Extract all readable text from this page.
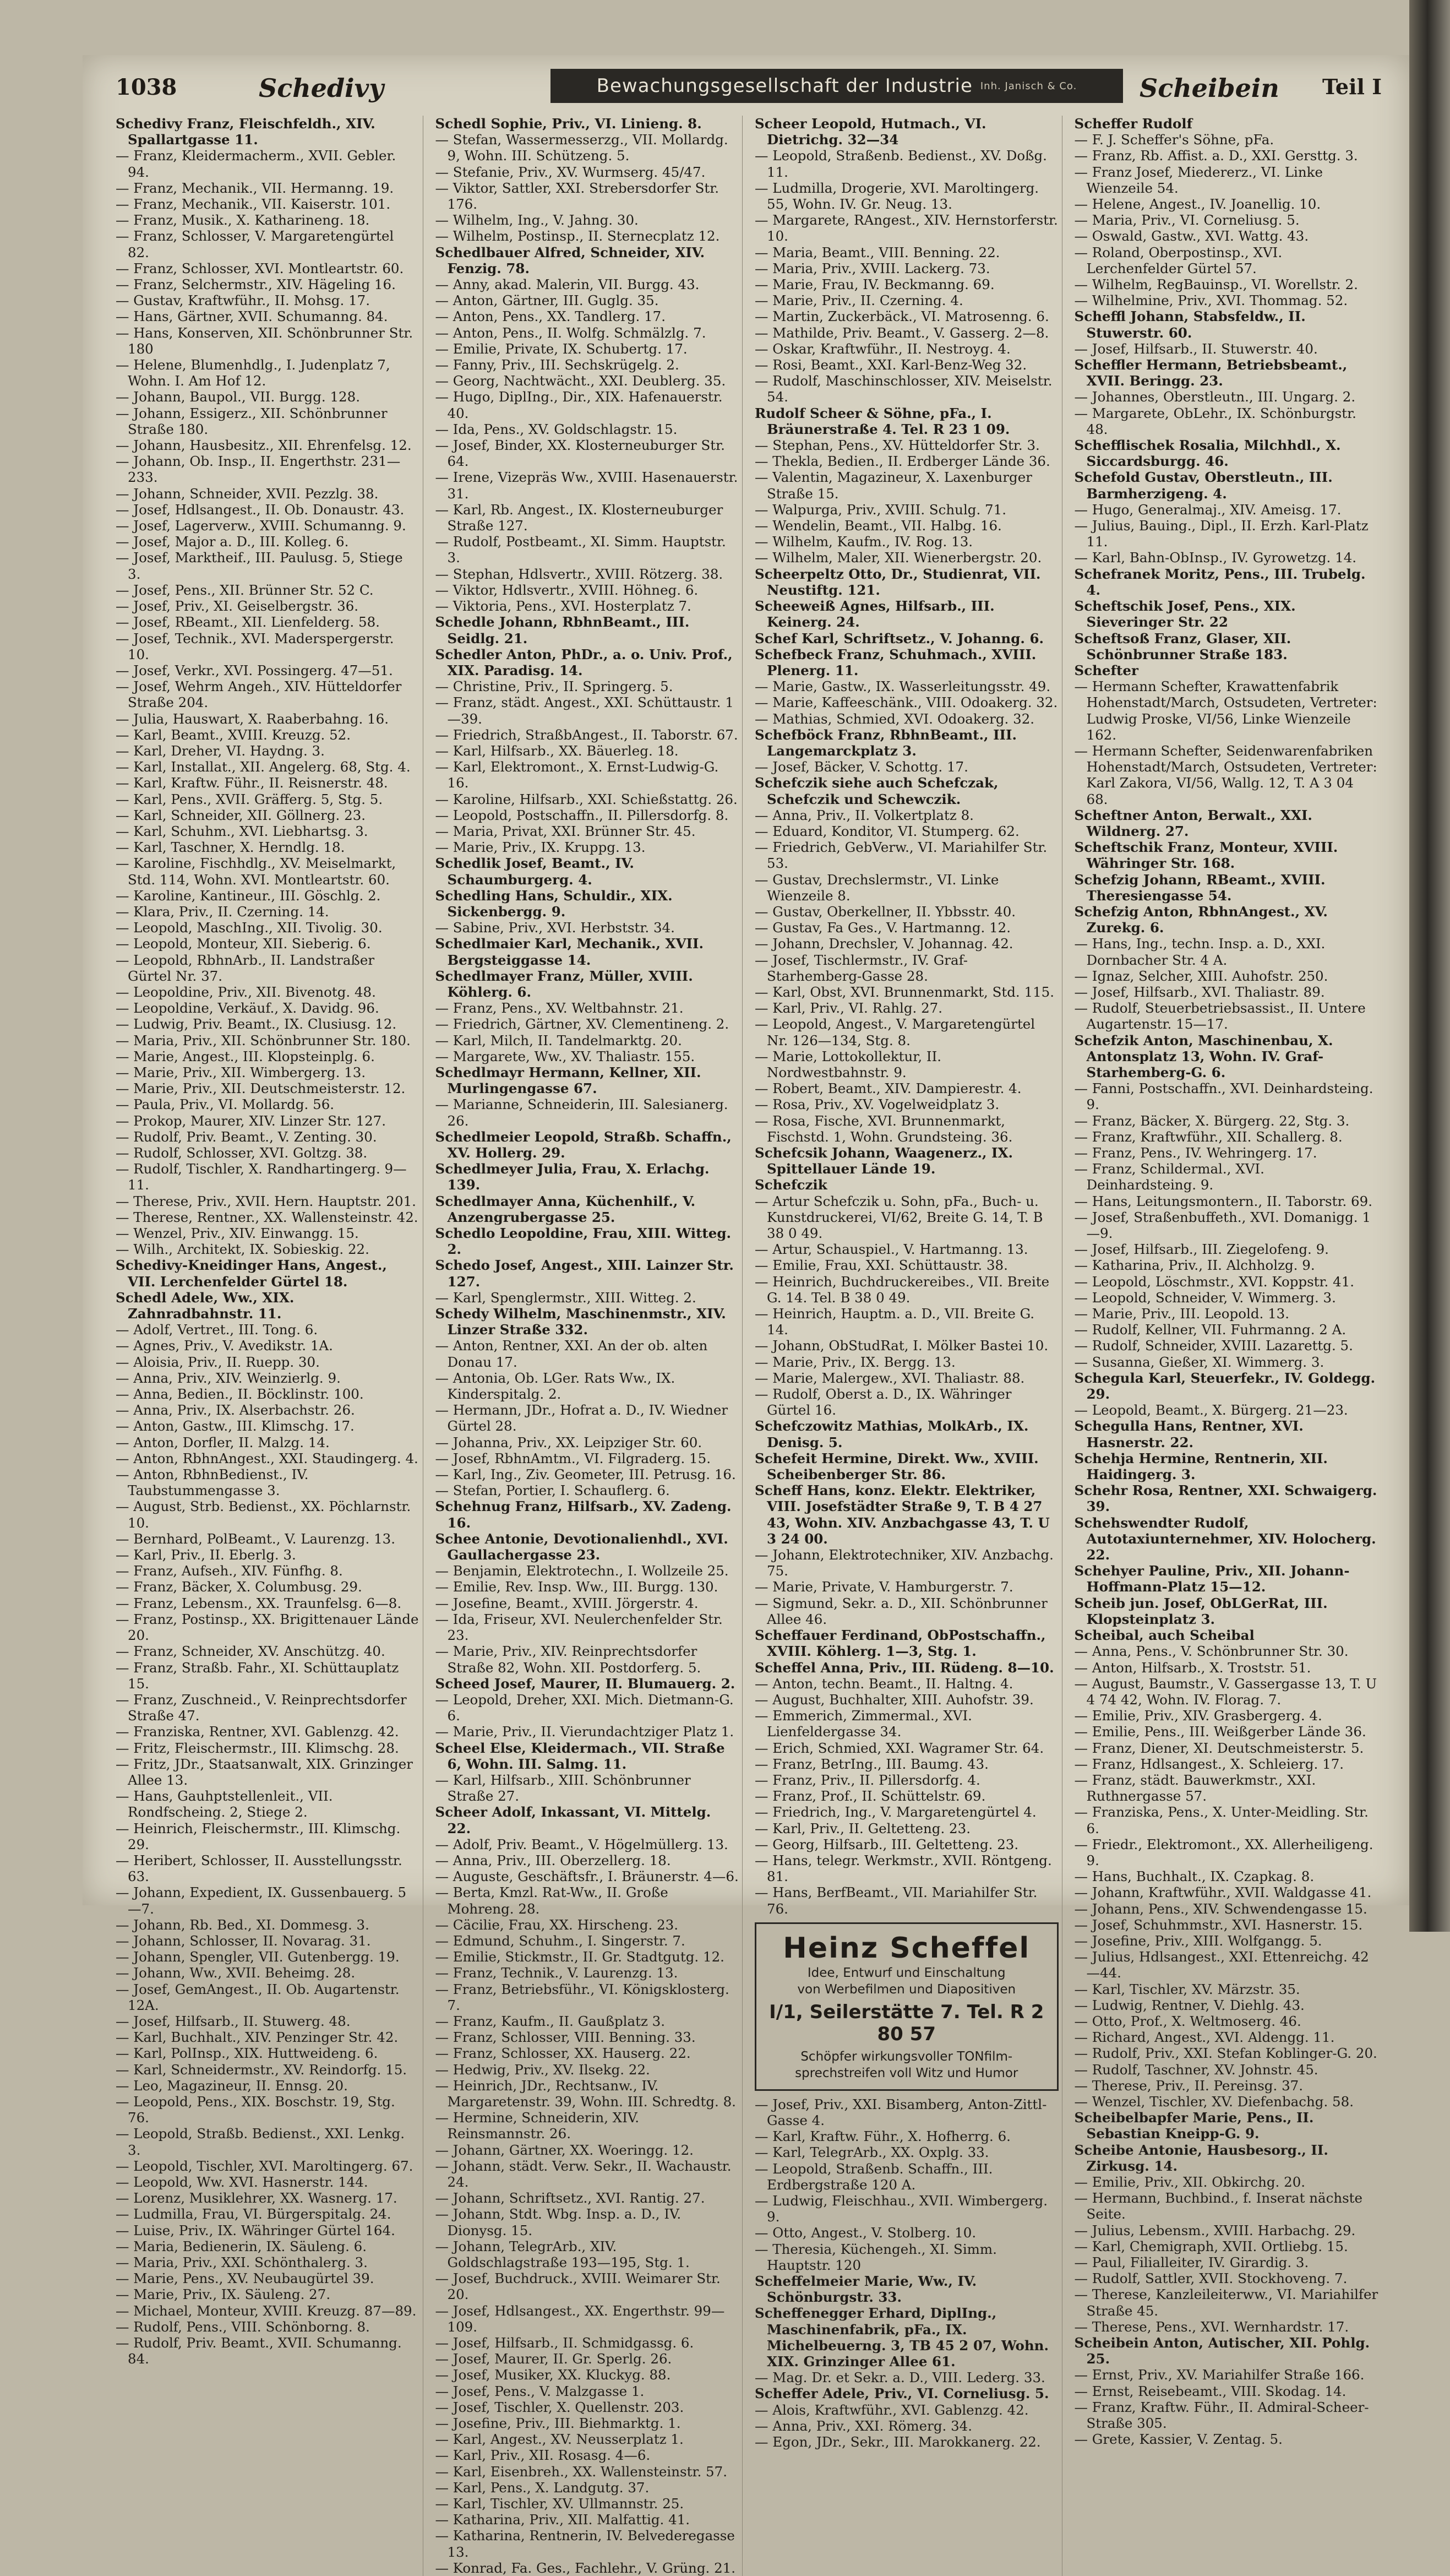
1038	Schedivy	Bewachungsgesellschaft der Industrie Inh. Janisch & Co. Scheibein Teil I

Schedivy Franz, Fleischfeldh., XIV. Spallartgasse 11.

— Franz, Kleidermacherm., XVII. Gebler. 94.

— Franz, Mechanik., VII. Hermanng. 19.

— Franz, Mechanik., VII. Kaiserstr. 101.

— Franz, Musik., X. Katharineng. 18.

— Franz, Schlosser, V. Margaretengürtel 82.

— Franz, Schlosser, XVI. Montleartstr. 60.

— Franz, Selchermstr., XIV. Hägeling 16.

— Gustav, Kraftwführ., II. Mohsg. 17.

— Hans, Gärtner, XVII. Schumanng. 84.

— Hans, Konserven, XII. Schönbrunner Str. 180

— Helene, Blumenhdlg., I. Judenplatz 7, Wohn. I. Am Hof 12.

— Johann, Baupol., VII. Burgg. 128.

— Johann, Essigerz., XII. Schönbrunner Straße 180.

— Johann, Hausbesitz., XII. Ehrenfelsg. 12.

— Johann, Ob. Insp., II. Engerthstr. 231—233.

— Johann, Schneider, XVII. Pezzlg. 38.

— Josef, Hdlsangest., II. Ob. Donaustr. 43.

— Josef, Lagerverw., XVIII. Schumanng. 9.

— Josef, Major a. D., III. Kolleg. 6.

— Josef, Marktheif., III. Paulusg. 5, Stiege 3.

— Josef, Pens., XII. Brünner Str. 52 C.

— Josef, Priv., XI. Geiselbergstr. 36.

— Josef, RBeamt., XII. Lienfelderg. 58.

— Josef, Technik., XVI. Maderspergerstr. 10.

— Josef, Verkr., XVI. Possingerg. 47—51.

— Josef, Wehrm Angeh., XIV. Hütteldorfer Straße 204.

— Julia, Hauswart, X. Raaberbahng. 16.

— Karl, Beamt., XVIII. Kreuzg. 52.

— Karl, Dreher, VI. Haydng. 3.

— Karl, Installat., XII. Angelerg. 68, Stg. 4.

— Karl, Kraftw. Führ., II. Reisnerstr. 48.

— Karl, Pens., XVII. Gräfferg. 5, Stg. 5.

— Karl, Schneider, XII. Göllnerg. 23.

— Karl, Schuhm., XVI. Liebhartsg. 3.

— Karl, Taschner, X. Herndlg. 18.

— Karoline, Fischhdlg., XV. Meiselmarkt, Std. 114, Wohn. XVI. Montleartstr. 60.

— Karoline, Kantineur., III. Göschlg. 2.

— Klara, Priv., II. Czerning. 14.

— Leopold, MaschIng., XII. Tivolig. 30.

— Leopold, Monteur, XII. Sieberig. 6.

— Leopold, RbhnArb., II. Landstraßer Gürtel Nr. 37.

— Leopoldine, Priv., XII. Bivenotg. 48.

— Leopoldine, Verkäuf., X. Davidg. 96.

— Ludwig, Priv. Beamt., IX. Clusiusg. 12.

— Maria, Priv., XII. Schönbrunner Str. 180.

— Marie, Angest., III. Klopsteinplg. 6.

— Marie, Priv., XII. Wimbergerg. 13.

— Marie, Priv., XII. Deutschmeisterstr. 12.

— Paula, Priv., VI. Mollardg. 56.

— Prokop, Maurer, XIV. Linzer Str. 127.

— Rudolf, Priv. Beamt., V. Zenting. 30.

— Rudolf, Schlosser, XVI. Goltzg. 38.

— Rudolf, Tischler, X. Randhartingerg. 9—11.

— Therese, Priv., XVII. Hern. Hauptstr. 201.

— Therese, Rentner., XX. Wallensteinstr. 42.

— Wenzel, Priv., XIV. Einwangg. 15.

— Wilh., Architekt, IX. Sobieskig. 22.

Schedivy-Kneidinger Hans, Angest., VII. Lerchenfelder Gürtel 18.

Schedl Adele, Ww., XIX. Zahnradbahnstr. 11.

— Adolf, Vertret., III. Tong. 6.

— Agnes, Priv., V. Avedikstr. 1A.

— Aloisia, Priv., II. Ruepp. 30.

— Anna, Priv., XIV. Weinzierlg. 9.

— Anna, Bedien., II. Böcklinstr. 100.

— Anna, Priv., IX. Alserbachstr. 26.

— Anton, Gastw., III. Klimschg. 17.

— Anton, Dorfler, II. Malzg. 14.

— Anton, RbhnAngest., XXI. Staudingerg. 4.

— Anton, RbhnBedienst., IV. Taubstummengasse 3.

— August, Strb. Bedienst., XX. Pöchlarnstr. 10.

— Bernhard, PolBeamt., V. Laurenzg. 13.

— Karl, Priv., II. Eberlg. 3.

— Franz, Aufseh., XIV. Fünfhg. 8.

— Franz, Bäcker, X. Columbusg. 29.

— Franz, Lebensm., XX. Traunfelsg. 6—8.

— Franz, Postinsp., XX. Brigittenauer Lände 20.

— Franz, Schneider, XV. Anschützg. 40.

— Franz, Straßb. Fahr., XI. Schüttauplatz 15.

— Franz, Zuschneid., V. Reinprechtsdorfer Straße 47.

— Franziska, Rentner, XVI. Gablenzg. 42.

— Fritz, Fleischermstr., III. Klimschg. 28.

— Fritz, JDr., Staatsanwalt, XIX. Grinzinger Allee 13.

— Hans, Gauhptstellenleit., VII. Rondfscheing. 2, Stiege 2.

— Heinrich, Fleischermstr., III. Klimschg. 29.

— Heribert, Schlosser, II. Ausstellungsstr. 63.

— Johann, Expedient, IX. Gussenbauerg. 5—7.

— Johann, Rb. Bed., XI. Dommesg. 3.

— Johann, Schlosser, II. Novarag. 31.

— Johann, Spengler, VII. Gutenbergg. 19.

— Johann, Ww., XVII. Beheimg. 28.

— Josef, GemAngest., II. Ob. Augartenstr. 12A.

— Josef, Hilfsarb., II. Stuwerg. 48.

— Karl, Buchhalt., XIV. Penzinger Str. 42.

— Karl, PolInsp., XIX. Huttweideng. 6.

— Karl, Schneidermstr., XV. Reindorfg. 15.

— Leo, Magazineur, II. Ennsg. 20.

— Leopold, Pens., XIX. Boschstr. 19, Stg. 76.

— Leopold, Straßb. Bedienst., XXI. Lenkg. 3.

— Leopold, Tischler, XVI. Maroltingerg. 67.

— Leopold, Ww. XVI. Hasnerstr. 144.

— Lorenz, Musiklehrer, XX. Wasnerg. 17.

— Ludmilla, Frau, VI. Bürgerspitalg. 24.

— Luise, Priv., IX. Währinger Gürtel 164.

— Maria, Bedienerin, IX. Säuleng. 6.

— Maria, Priv., XXI. Schönthalerg. 3.

— Marie, Pens., XV. Neubaugürtel 39.

— Marie, Priv., IX. Säuleng. 27.

— Michael, Monteur, XVIII. Kreuzg. 87—89.

— Rudolf, Pens., VIII. Schönborng. 8.

— Rudolf, Priv. Beamt., XVII. Schumanng. 84.

Schedl Sophie, Priv., VI. Linieng. 8.

— Stefan, Wassermesserzg., VII. Mollardg. 9, Wohn. III. Schützeng. 5.

— Stefanie, Priv., XV. Wurmserg. 45/47.

— Viktor, Sattler, XXI. Strebersdorfer Str. 176.

— Wilhelm, Ing., V. Jahng. 30.

— Wilhelm, Postinsp., II. Sternecplatz 12.

Schedlbauer Alfred, Schneider, XIV. Fenzig. 78.

— Anny, akad. Malerin, VII. Burgg. 43.

— Anton, Gärtner, III. Guglg. 35.

— Anton, Pens., XX. Tandlerg. 17.

— Anton, Pens., II. Wolfg. Schmälzlg. 7.

— Emilie, Private, IX. Schubertg. 17.

— Fanny, Priv., III. Sechskrügelg. 2.

— Georg, Nachtwächt., XXI. Deublerg. 35.

— Hugo, DiplIng., Dir., XIX. Hafenauerstr. 40.

— Ida, Pens., XV. Goldschlagstr. 15.

— Josef, Binder, XX. Klosterneuburger Str. 64.

— Irene, Vizepräs Ww., XVIII. Hasenauerstr. 31.

— Karl, Rb. Angest., IX. Klosterneuburger Straße 127.

— Rudolf, Postbeamt., XI. Simm. Hauptstr. 3.

— Stephan, Hdlsvertr., XVIII. Rötzerg. 38.

— Viktor, Hdlsvertr., XVIII. Höhneg. 6.

— Viktoria, Pens., XVI. Hosterplatz 7.

Schedle Johann, RbhnBeamt., III. Seidlg. 21.

Schedler Anton, PhDr., a. o. Univ. Prof., XIX. Paradisg. 14.

— Christine, Priv., II. Springerg. 5.

— Franz, städt. Angest., XXI. Schüttaustr. 1—39.

— Friedrich, StraßbAngest., II. Taborstr. 67.

— Karl, Hilfsarb., XX. Bäuerleg. 18.

— Karl, Elektromont., X. Ernst-Ludwig-G. 16.

— Karoline, Hilfsarb., XXI. Schießstattg. 26.

— Leopold, Postschaffn., II. Pillersdorfg. 8.

— Maria, Privat, XXI. Brünner Str. 45.

— Marie, Priv., IX. Kruppg. 13.

Schedlik Josef, Beamt., IV. Schaumburgerg. 4.

Schedling Hans, Schuldir., XIX. Sickenbergg. 9.

— Sabine, Priv., XVI. Herbststr. 34.

Schedlmaier Karl, Mechanik., XVII. Bergsteiggasse 14.

Schedlmayer Franz, Müller, XVIII. Köhlerg. 6.

— Franz, Pens., XV. Weltbahnstr. 21.

— Friedrich, Gärtner, XV. Clementineng. 2.

— Karl, Milch, II. Tandelmarktg. 20.

— Margarete, Ww., XV. Thaliastr. 155.

Schedlmayr Hermann, Kellner, XII. Murlingengasse 67.

— Marianne, Schneiderin, III. Salesianerg. 26.

Schedlmeier Leopold, Straßb. Schaffn., XV. Hollerg. 29.

Schedlmeyer Julia, Frau, X. Erlachg. 139.

Schedlmayer Anna, Küchenhilf., V. Anzengrubergasse 25.

Schedlo Leopoldine, Frau, XIII. Witteg. 2.

Schedo Josef, Angest., XIII. Lainzer Str. 127.

— Karl, Spenglermstr., XIII. Witteg. 2.

Schedy Wilhelm, Maschinenmstr., XIV. Linzer Straße 332.

— Anton, Rentner, XXI. An der ob. alten Donau 17.

— Antonia, Ob. LGer. Rats Ww., IX. Kinderspitalg. 2.

— Hermann, JDr., Hofrat a. D., IV. Wiedner Gürtel 28.

— Johanna, Priv., XX. Leipziger Str. 60.

— Josef, RbhnAmtm., VI. Filgraderg. 15.

— Karl, Ing., Ziv. Geometer, III. Petrusg. 16.

— Stefan, Portier, I. Schauflerg. 6.

Schehnug Franz, Hilfsarb., XV. Zadeng. 16.

Schee Antonie, Devotionalienhdl., XVI. Gaullachergasse 23.

— Benjamin, Elektrotechn., I. Wollzeile 25.

— Emilie, Rev. Insp. Ww., III. Burgg. 130.

— Josefine, Beamt., XVIII. Jörgerstr. 4.

— Ida, Friseur, XVI. Neulerchenfelder Str. 23.

— Marie, Priv., XIV. Reinprechtsdorfer Straße 82, Wohn. XII. Postdorferg. 5.

Scheed Josef, Maurer, II. Blumauerg. 2.

— Leopold, Dreher, XXI. Mich. Dietmann-G. 6.

— Marie, Priv., II. Vierundachtziger Platz 1.

Scheel Else, Kleidermach., VII. Straße 6, Wohn. III. Salmg. 11.

— Karl, Hilfsarb., XIII. Schönbrunner Straße 27.

Scheer Adolf, Inkassant, VI. Mittelg. 22.

— Adolf, Priv. Beamt., V. Högelmüllerg. 13.

— Anna, Priv., III. Oberzellerg. 18.

— Auguste, Geschäftsfr., I. Bräunerstr. 4—6.

— Berta, Kmzl. Rat-Ww., II. Große Mohreng. 28.

— Cäcilie, Frau, XX. Hirscheng. 23.

— Edmund, Schuhm., I. Singerstr. 7.

— Emilie, Stickmstr., II. Gr. Stadtgutg. 12.

— Franz, Technik., V. Laurenzg. 13.

— Franz, Betriebsführ., VI. Königsklosterg. 7.

— Franz, Kaufm., II. Gaußplatz 3.

— Franz, Schlosser, VIII. Benning. 33.

— Franz, Schlosser, XX. Hauserg. 22.

— Hedwig, Priv., XV. Ilsekg. 22.

— Heinrich, JDr., Rechtsanw., IV. Margaretenstr. 39, Wohn. III. Schredtg. 8.

— Hermine, Schneiderin, XIV. Reinsmannstr. 26.

— Johann, Gärtner, XX. Woeringg. 12.

— Johann, städt. Verw. Sekr., II. Wachaustr. 24.

— Johann, Schriftsetz., XVI. Rantig. 27.

— Johann, Stdt. Wbg. Insp. a. D., IV. Dionysg. 15.

— Johann, TelegrArb., XIV. Goldschlagstraße 193—195, Stg. 1.

— Josef, Buchdruck., XVIII. Weimarer Str. 20.

— Josef, Hdlsangest., XX. Engerthstr. 99—109.

— Josef, Hilfsarb., II. Schmidgassg. 6.

— Josef, Maurer, II. Gr. Sperlg. 26.

— Josef, Musiker, XX. Kluckyg. 88.

— Josef, Pens., V. Malzgasse 1.

— Josef, Tischler, X. Quellenstr. 203.

— Josefine, Priv., III. Biehmarktg. 1.

— Karl, Angest., XV. Neusserplatz 1.

— Karl, Priv., XII. Rosasg. 4—6.

— Karl, Eisenbreh., XX. Wallensteinstr. 57.

— Karl, Pens., X. Landgutg. 37.

— Karl, Tischler, XV. Ullmannstr. 25.

— Katharina, Priv., XII. Malfattig. 41.

— Katharina, Rentnerin, IV. Belvederegasse 13.

— Konrad, Fa. Ges., Fachlehr., V. Grüng. 21.

Scheer Leopold, Hutmach., VI. Dietrichg. 32—34

— Leopold, Straßenb. Bedienst., XV. Doßg. 11.

— Ludmilla, Drogerie, XVI. Maroltingerg. 55, Wohn. IV. Gr. Neug. 13.

— Margarete, RAngest., XIV. Hernstorferstr. 10.

— Maria, Beamt., VIII. Benning. 22.

— Maria, Priv., XVIII. Lackerg. 73.

— Marie, Frau, IV. Beckmanng. 69.

— Marie, Priv., II. Czerning. 4.

— Martin, Zuckerbäck., VI. Matrosenng. 6.

— Mathilde, Priv. Beamt., V. Gasserg. 2—8.

— Oskar, Kraftwführ., II. Nestroyg. 4.

— Rosi, Beamt., XXI. Karl-Benz-Weg 32.

— Rudolf, Maschinschlosser, XIV. Meiselstr. 54.

Rudolf Scheer & Söhne, pFa., I. Bräunerstraße 4. Tel. R 23 1 09.

— Stephan, Pens., XV. Hütteldorfer Str. 3.

— Thekla, Bedien., II. Erdberger Lände 36.

— Valentin, Magazineur, X. Laxenburger Straße 15.

— Walpurga, Priv., XVIII. Schulg. 71.

— Wendelin, Beamt., VII. Halbg. 16.

— Wilhelm, Kaufm., IV. Rog. 13.

— Wilhelm, Maler, XII. Wienerbergstr. 20.

Scheerpeltz Otto, Dr., Studienrat, VII. Neustiftg. 121.

Scheeweiß Agnes, Hilfsarb., III. Keinerg. 24.

Schef Karl, Schriftsetz., V. Johanng. 6.

Schefbeck Franz, Schuhmach., XVIII. Plenerg. 11.

— Marie, Gastw., IX. Wasserleitungsstr. 49.

— Marie, Kaffeeschänk., VIII. Odoakerg. 32.

— Mathias, Schmied, XVI. Odoakerg. 32.

Schefböck Franz, RbhnBeamt., III. Langemarckplatz 3.

— Josef, Bäcker, V. Schottg. 17.

Schefczik siehe auch Schefczak, Schefczik und Schewczik.

— Anna, Priv., II. Volkertplatz 8.

— Eduard, Konditor, VI. Stumperg. 62.

— Friedrich, GebVerw., VI. Mariahilfer Str. 53.

— Gustav, Drechslermstr., VI. Linke Wienzeile 8.

— Gustav, Oberkellner, II. Ybbsstr. 40.

— Gustav, Fa Ges., V. Hartmanng. 12.

— Johann, Drechsler, V. Johannag. 42.

— Josef, Tischlermstr., IV. Graf-Starhemberg-Gasse 28.

— Karl, Obst, XVI. Brunnenmarkt, Std. 115.

— Karl, Priv., VI. Rahlg. 27.

— Leopold, Angest., V. Margaretengürtel Nr. 126—134, Stg. 8.

— Marie, Lottokollektur, II. Nordwestbahnstr. 9.

— Robert, Beamt., XIV. Dampierestr. 4.

— Rosa, Priv., XV. Vogelweidplatz 3.

— Rosa, Fische, XVI. Brunnenmarkt, Fischstd. 1, Wohn. Grundsteing. 36.

Schefcsik Johann, Waagenerz., IX. Spittellauer Lände 19.

Schefczik

— Artur Schefczik u. Sohn, pFa., Buch- u. Kunstdruckerei, VI/62, Breite G. 14, T. B 38 0 49.

— Artur, Schauspiel., V. Hartmanng. 13.

— Emilie, Frau, XXI. Schüttaustr. 38.

— Heinrich, Buchdruckereibes., VII. Breite G. 14. Tel. B 38 0 49.

— Heinrich, Hauptm. a. D., VII. Breite G. 14.

— Johann, ObStudRat, I. Mölker Bastei 10.

— Marie, Priv., IX. Bergg. 13.

— Marie, Malergew., XVI. Thaliastr. 88.

— Rudolf, Oberst a. D., IX. Währinger Gürtel 16.

Schefczowitz Mathias, MolkArb., IX. Denisg. 5.

Schefeit Hermine, Direkt. Ww., XVIII. Scheibenberger Str. 86.

Scheff Hans, konz. Elektr. Elektriker, VIII. Josefstädter Straße 9, T. B 4 27 43, Wohn. XIV. Anzbachgasse 43, T. U 3 24 00.

— Johann, Elektrotechniker, XIV. Anzbachg. 75.

— Marie, Private, V. Hamburgerstr. 7.

— Sigmund, Sekr. a. D., XII. Schönbrunner Allee 46.

Scheffauer Ferdinand, ObPostschaffn., XVIII. Köhlerg. 1—3, Stg. 1.

Scheffel Anna, Priv., III. Rüdeng. 8—10.

— Anton, techn. Beamt., II. Haltng. 4.

— August, Buchhalter, XIII. Auhofstr. 39.

— Emmerich, Zimmermal., XVI. Lienfeldergasse 34.

— Erich, Schmied, XXI. Wagramer Str. 64.

— Franz, BetrIng., III. Baumg. 43.

— Franz, Priv., II. Pillersdorfg. 4.

— Franz, Prof., II. Schüttelstr. 69.

— Friedrich, Ing., V. Margaretengürtel 4.

— Karl, Priv., II. Geltetteng. 23.

— Georg, Hilfsarb., III. Geltetteng. 23.

— Hans, telegr. Werkmstr., XVII. Röntgeng. 81.

— Hans, BerfBeamt., VII. Mariahilfer Str. 76.

Heinz Scheffel
Idee, Entwurf und Einschaltung
von Werbefilmen und Diapositiven
I/1, Seilerstätte 7. Tel. R 2 80 57
Schöpfer wirkungsvoller TONfilm-
sprechstreifen voll Witz und Humor

— Josef, Priv., XXI. Bisamberg, Anton-Zittl-Gasse 4.

— Karl, Kraftw. Führ., X. Hofherrg. 6.

— Karl, TelegrArb., XX. Oxplg. 33.

— Leopold, Straßenb. Schaffn., III. Erdbergstraße 120 A.

— Ludwig, Fleischhau., XVII. Wimbergerg. 9.

— Otto, Angest., V. Stolberg. 10.

— Theresia, Küchengeh., XI. Simm. Hauptstr. 120

Scheffelmeier Marie, Ww., IV. Schönburgstr. 33.

Scheffenegger Erhard, DiplIng., Maschinenfabrik, pFa., IX. Michelbeuerng. 3, TB 45 2 07, Wohn. XIX. Grinzinger Allee 61.

— Mag. Dr. et Sekr. a. D., VIII. Lederg. 33.

Scheffer Adele, Priv., VI. Corneliusg. 5.

— Alois, Kraftwführ., XVI. Gablenzg. 42.

— Anna, Priv., XXI. Römerg. 34.

— Egon, JDr., Sekr., III. Marokkanerg. 22.

Scheffer Rudolf

— F. J. Scheffer's Söhne, pFa.

— Franz, Rb. Affist. a. D., XXI. Gersttg. 3.

— Franz Josef, Miedererz., VI. Linke Wienzeile 54.

— Helene, Angest., IV. Joanellig. 10.

— Maria, Priv., VI. Corneliusg. 5.

— Oswald, Gastw., XVI. Wattg. 43.

— Roland, Oberpostinsp., XVI. Lerchenfelder Gürtel 57.

— Wilhelm, RegBauinsp., VI. Worellstr. 2.

— Wilhelmine, Priv., XVI. Thommag. 52.

Scheffl Johann, Stabsfeldw., II. Stuwerstr. 60.

— Josef, Hilfsarb., II. Stuwerstr. 40.

Scheffler Hermann, Betriebsbeamt., XVII. Beringg. 23.

— Johannes, Oberstleutn., III. Ungarg. 2.

— Margarete, ObLehr., IX. Schönburgstr. 48.

Schefflischek Rosalia, Milchhdl., X. Siccardsburgg. 46.

Schefold Gustav, Oberstleutn., III. Barmherzigeng. 4.

— Hugo, Generalmaj., XIV. Ameisg. 17.

— Julius, Bauing., Dipl., II. Erzh. Karl-Platz 11.

— Karl, Bahn-ObInsp., IV. Gyrowetzg. 14.

Schefranek Moritz, Pens., III. Trubelg. 4.

Scheftschik Josef, Pens., XIX. Sieveringer Str. 22

Scheftsoß Franz, Glaser, XII. Schönbrunner Straße 183.

Schefter

— Hermann Schefter, Krawattenfabrik Hohenstadt/March, Ostsudeten, Vertreter: Ludwig Proske, VI/56, Linke Wienzeile 162.

— Hermann Schefter, Seidenwarenfabriken Hohenstadt/March, Ostsudeten, Vertreter: Karl Zakora, VI/56, Wallg. 12, T. A 3 04 68.

Scheftner Anton, Berwalt., XXI. Wildnerg. 27.

Scheftschik Franz, Monteur, XVIII. Währinger Str. 168.

Schefzig Johann, RBeamt., XVIII. Theresiengasse 54.

Schefzig Anton, RbhnAngest., XV. Zurekg. 6.

— Hans, Ing., techn. Insp. a. D., XXI. Dornbacher Str. 4 A.

— Ignaz, Selcher, XIII. Auhofstr. 250.

— Josef, Hilfsarb., XVI. Thaliastr. 89.

— Rudolf, Steuerbetriebsassist., II. Untere Augartenstr. 15—17.

Schefzik Anton, Maschinenbau, X. Antonsplatz 13, Wohn. IV. Graf-Starhemberg-G. 6.

— Fanni, Postschaffn., XVI. Deinhardsteing. 9.

— Franz, Bäcker, X. Bürgerg. 22, Stg. 3.

— Franz, Kraftwführ., XII. Schallerg. 8.

— Franz, Pens., IV. Wehringerg. 17.

— Franz, Schildermal., XVI. Deinhardsteing. 9.

— Hans, Leitungsmontern., II. Taborstr. 69.

— Josef, Straßenbuffeth., XVI. Domanigg. 1—9.

— Josef, Hilfsarb., III. Ziegelofeng. 9.

— Katharina, Priv., II. Alchholzg. 9.

— Leopold, Löschmstr., XVI. Koppstr. 41.

— Leopold, Schneider, V. Wimmerg. 3.

— Marie, Priv., III. Leopold. 13.

— Rudolf, Kellner, VII. Fuhrmanng. 2 A.

— Rudolf, Schneider, XVIII. Lazarettg. 5.

— Susanna, Gießer, XI. Wimmerg. 3.

Schegula Karl, Steuerfekr., IV. Goldegg. 29.

— Leopold, Beamt., X. Bürgerg. 21—23.

Schegulla Hans, Rentner, XVI. Hasnerstr. 22.

Schehja Hermine, Rentnerin, XII. Haidingerg. 3.

Schehr Rosa, Rentner, XXI. Schwaigerg. 39.

Schehswendter Rudolf, Autotaxiunternehmer, XIV. Holocherg. 22.

Schehyer Pauline, Priv., XII. Johann-Hoffmann-Platz 15—12.

Scheib jun. Josef, ObLGerRat, III. Klopsteinplatz 3.

Scheibal, auch Scheibal

— Anna, Pens., V. Schönbrunner Str. 30.

— Anton, Hilfsarb., X. Troststr. 51.

— August, Baumstr., V. Gassergasse 13, T. U 4 74 42, Wohn. IV. Florag. 7.

— Emilie, Priv., XIV. Grasbergerg. 4.

— Emilie, Pens., III. Weißgerber Lände 36.

— Franz, Diener, XI. Deutschmeisterstr. 5.

— Franz, Hdlsangest., X. Schleierg. 17.

— Franz, städt. Bauwerkmstr., XXI. Ruthnergasse 57.

— Franziska, Pens., X. Unter-Meidling. Str. 6.

— Friedr., Elektromont., XX. Allerheiligeng. 9.

— Hans, Buchhalt., IX. Czapkag. 8.

— Johann, Kraftwführ., XVII. Waldgasse 41.

— Johann, Pens., XIV. Schwendengasse 15.

— Josef, Schuhmmstr., XVI. Hasnerstr. 15.

— Josefine, Priv., XIII. Wolfgangg. 5.

— Julius, Hdlsangest., XXI. Ettenreichg. 42—44.

— Karl, Tischler, XV. Märzstr. 35.

— Ludwig, Rentner, V. Diehlg. 43.

— Otto, Prof., X. Weltmoserg. 46.

— Richard, Angest., XVI. Aldengg. 11.

— Rudolf, Priv., XXI. Stefan Koblinger-G. 20.

— Rudolf, Taschner, XV. Johnstr. 45.

— Therese, Priv., II. Pereinsg. 37.

— Wenzel, Tischler, XV. Diefenbachg. 58.

Scheibelbapfer Marie, Pens., II. Sebastian Kneipp-G. 9.

Scheibe Antonie, Hausbesorg., II. Zirkusg. 14.

— Emilie, Priv., XII. Obkirchg. 20.

— Hermann, Buchbind., f. Inserat nächste Seite.

— Julius, Lebensm., XVIII. Harbachg. 29.

— Karl, Chemigraph, XVII. Ortliebg. 15.

— Paul, Filialleiter, IV. Girardig. 3.

— Rudolf, Sattler, XVII. Stockhoveng. 7.

— Therese, Kanzleileiterww., VI. Mariahilfer Straße 45.

— Therese, Pens., XVI. Wernhardstr. 17.

Scheibein Anton, Autischer, XII. Pohlg. 25.

— Ernst, Priv., XV. Mariahilfer Straße 166.

— Ernst, Reisebeamt., VIII. Skodag. 14.

— Franz, Kraftw. Führ., II. Admiral-Scheer-Straße 305.

— Grete, Kassier, V. Zentag. 5.
